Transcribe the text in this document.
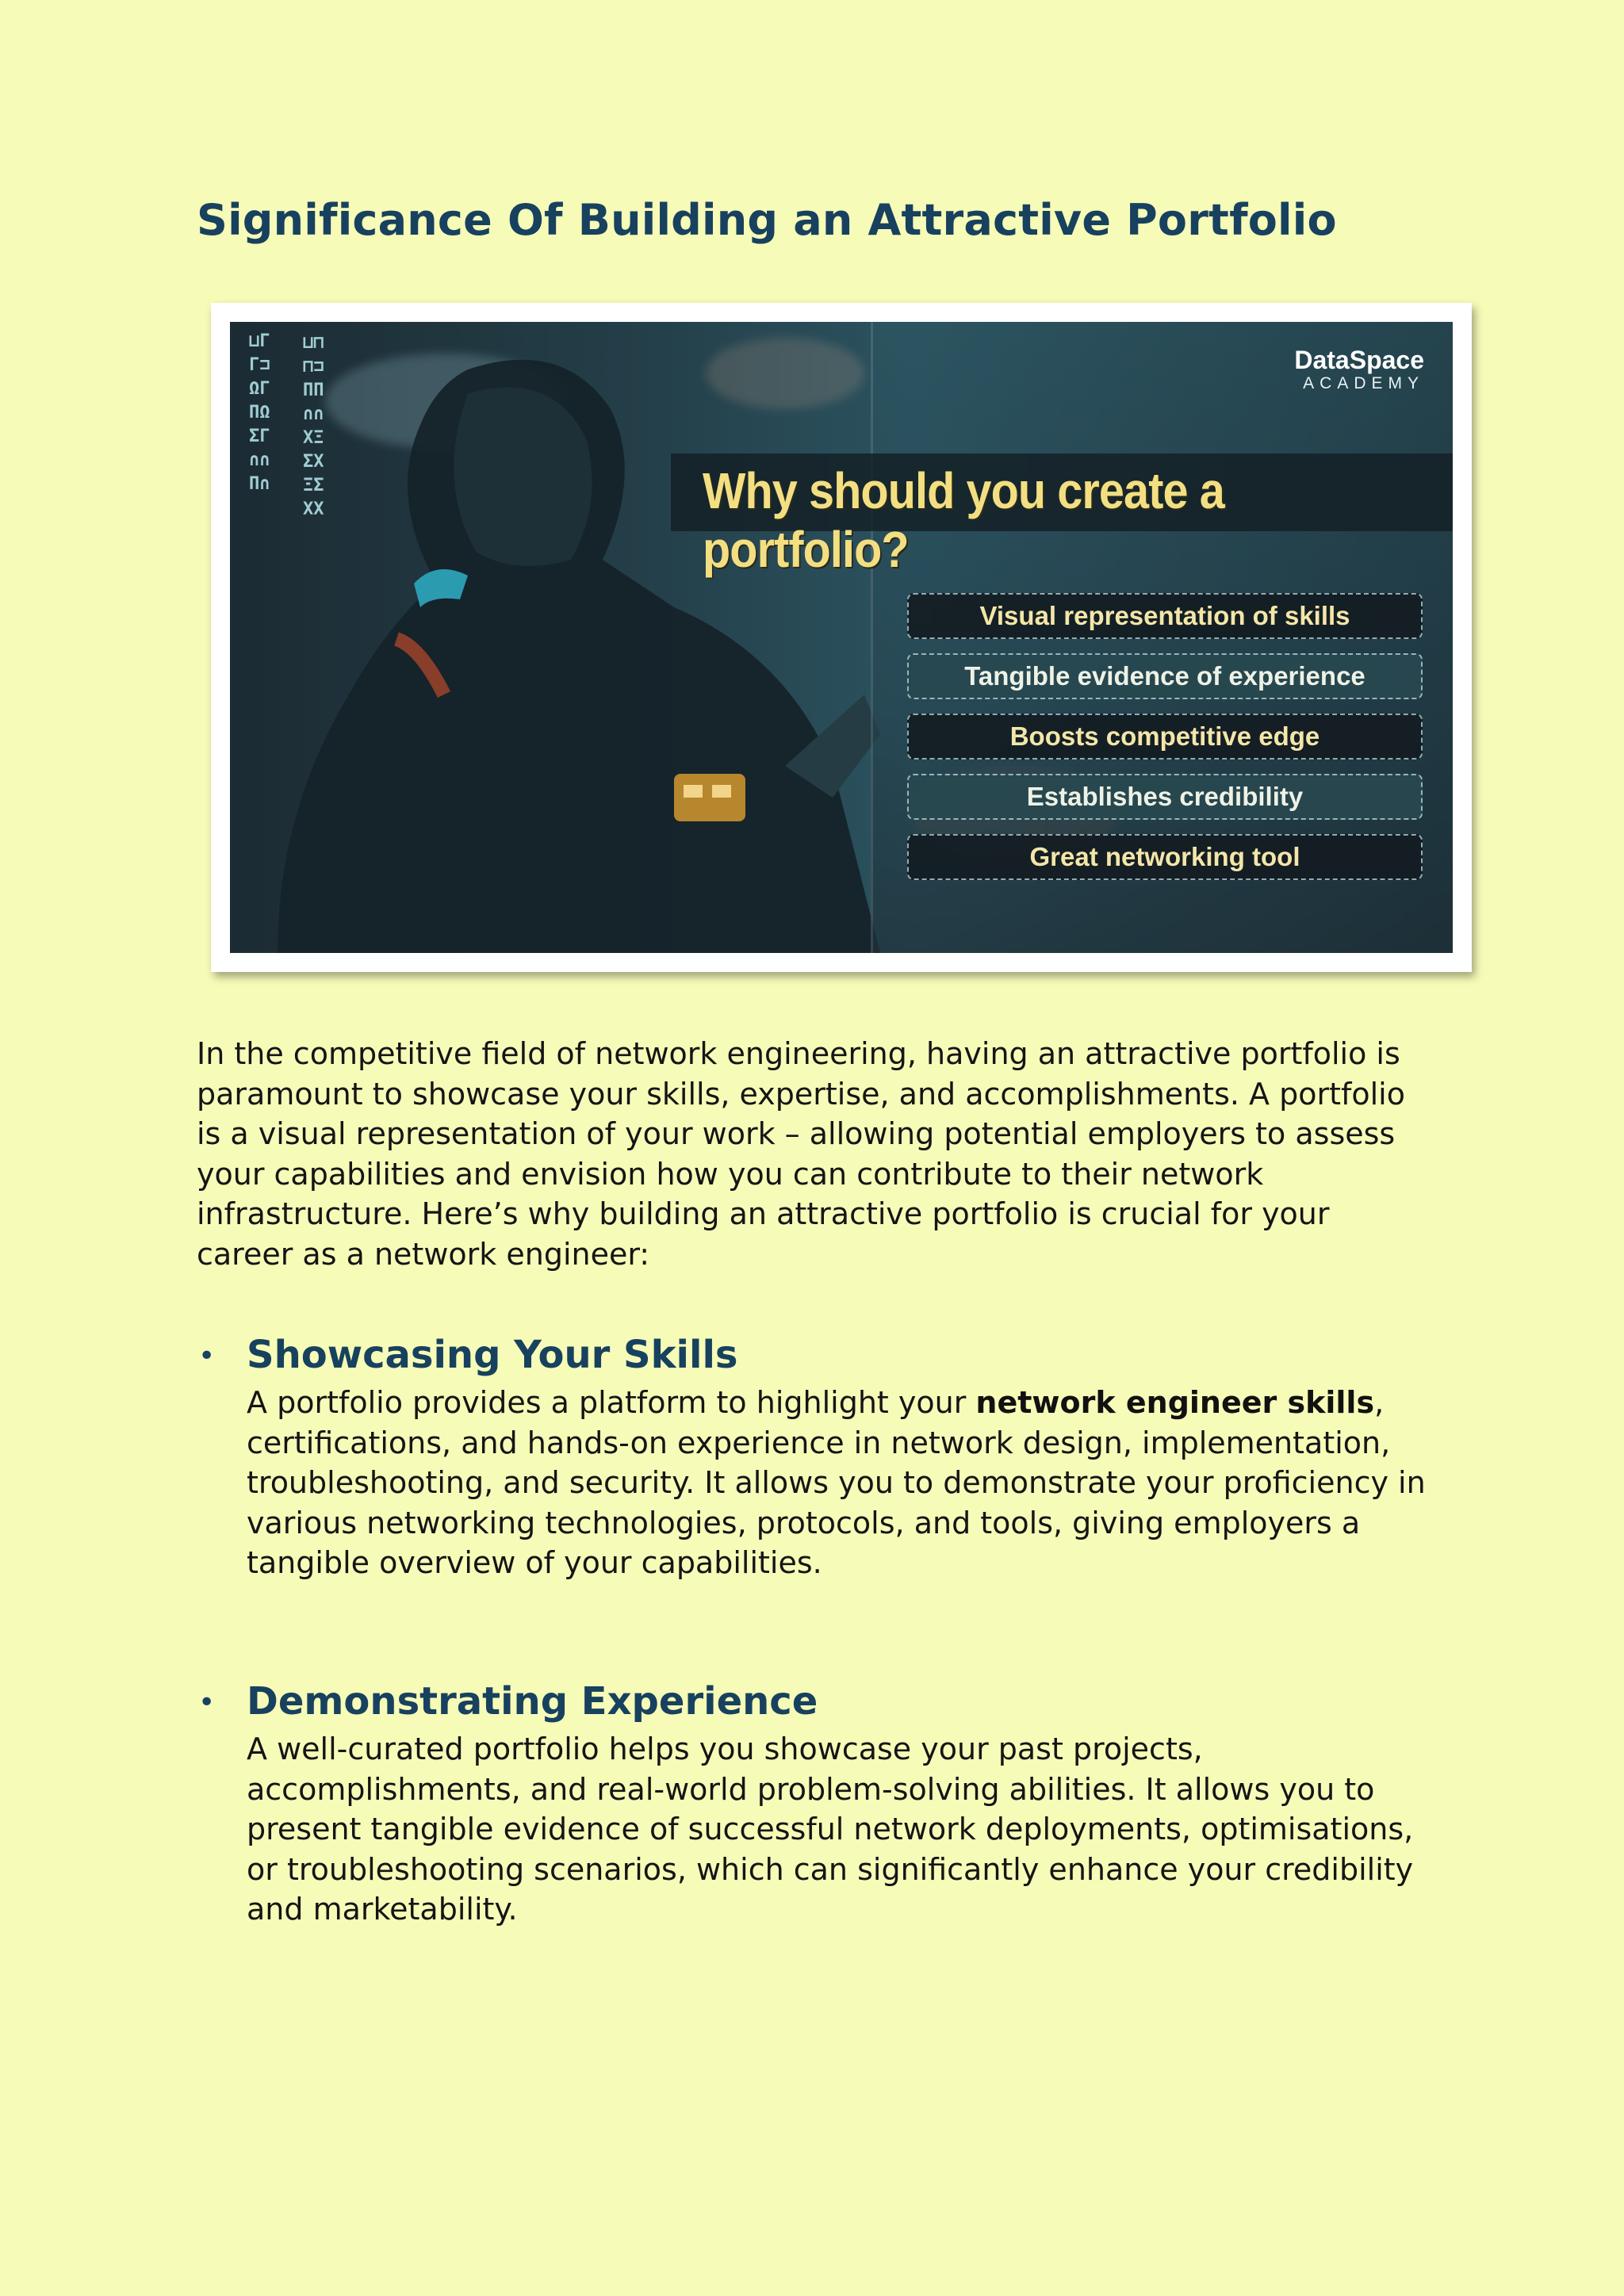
Significance Of Building an Attractive Portfolio
⊔ΓΓ⊐ΩΓΠΩΣΓ∩∩Π∩
⊔⊓⊓⊐ΠΠ∩∩ΧΞΣΧΞΣΧΧ
DataSpace
ACADEMY
Why should you create a portfolio?
Visual representation of skills
Tangible evidence of experience
Boosts competitive edge
Establishes credibility
Great networking tool

In the competitive field of network engineering, having an attractive portfolio is paramount to showcase your skills, expertise, and accomplishments. A portfolio is a visual representation of your work – allowing potential employers to assess your capabilities and envision how you can contribute to their network infrastructure. Here’s why building an attractive portfolio is crucial for your career as a network engineer:

• Showcasing Your Skills

A portfolio provides a platform to highlight your network engineer skills, certifications, and hands-on experience in network design, implementation, troubleshooting, and security. It allows you to demonstrate your proficiency in various networking technologies, protocols, and tools, giving employers a tangible overview of your capabilities.

• Demonstrating Experience

A well-curated portfolio helps you showcase your past projects, accomplishments, and real-world problem-solving abilities. It allows you to present tangible evidence of successful network deployments, optimisations, or troubleshooting scenarios, which can significantly enhance your credibility and marketability.
